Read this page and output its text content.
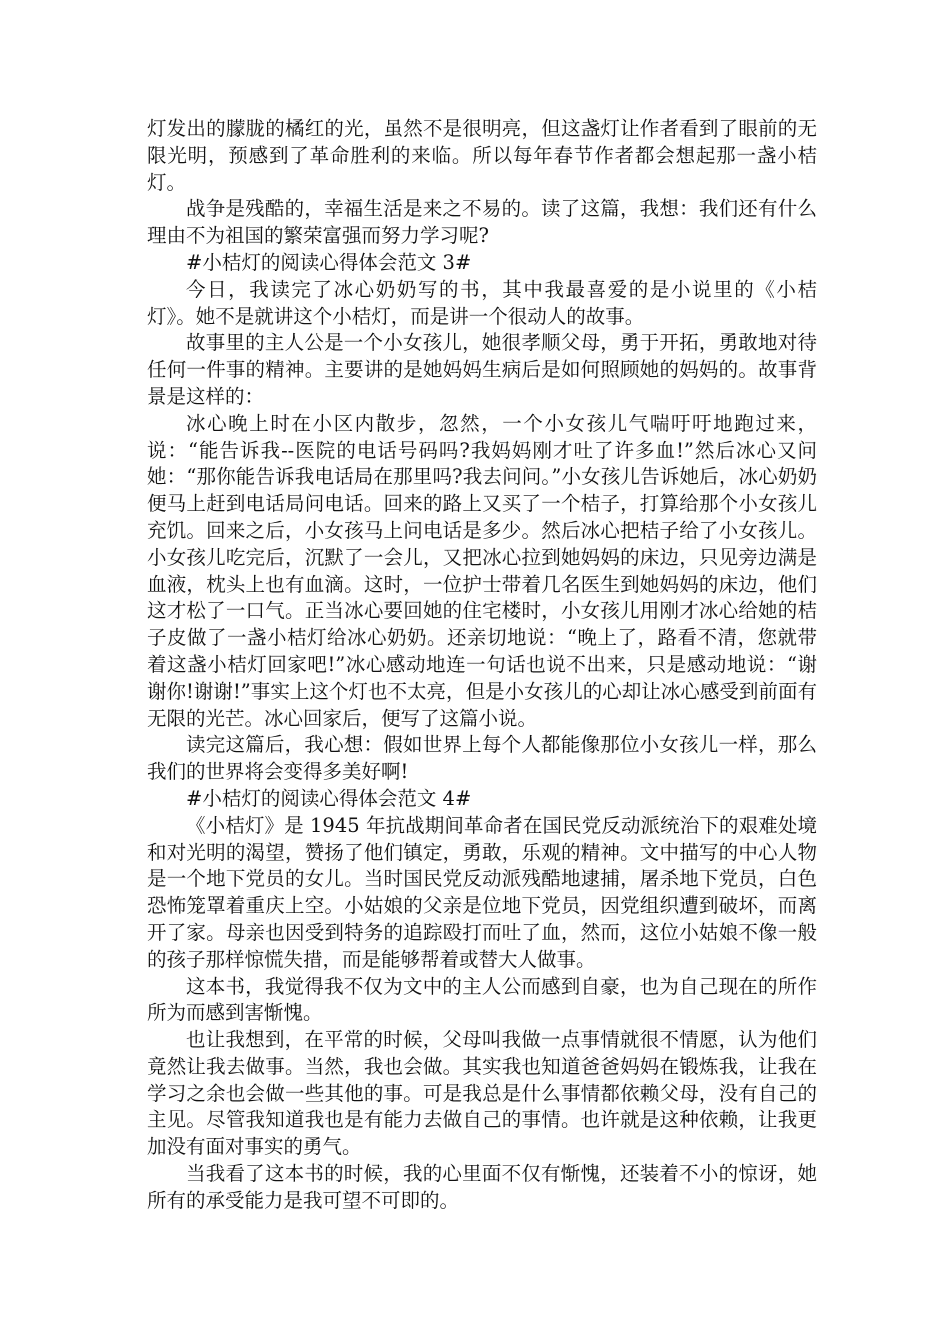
灯发出的朦胧的橘红的光，虽然不是很明亮，但这盏灯让作者看到了眼前的无限光明，预感到了革命胜利的来临。所以每年春节作者都会想起那一盏小桔灯。

战争是残酷的，幸福生活是来之不易的。读了这篇，我想：我们还有什么理由不为祖国的繁荣富强而努力学习呢?

#小桔灯的阅读心得体会范文 3#

今日，我读完了冰心奶奶写的书，其中我最喜爱的是小说里的《小桔灯》。她不是就讲这个小桔灯，而是讲一个很动人的故事。

故事里的主人公是一个小女孩儿，她很孝顺父母，勇于开拓，勇敢地对待任何一件事的精神。主要讲的是她妈妈生病后是如何照顾她的妈妈的。故事背景是这样的：

冰心晚上时在小区内散步，忽然，一个小女孩儿气喘吁吁地跑过来，说：“能告诉我--医院的电话号码吗?我妈妈刚才吐了许多血!”然后冰心又问她：“那你能告诉我电话局在那里吗?我去问问。”小女孩儿告诉她后，冰心奶奶便马上赶到电话局问电话。回来的路上又买了一个桔子，打算给那个小女孩儿充饥。回来之后，小女孩马上问电话是多少。然后冰心把桔子给了小女孩儿。小女孩儿吃完后，沉默了一会儿，又把冰心拉到她妈妈的床边，只见旁边满是血液，枕头上也有血滴。这时，一位护士带着几名医生到她妈妈的床边，他们这才松了一口气。正当冰心要回她的住宅楼时，小女孩儿用刚才冰心给她的桔子皮做了一盏小桔灯给冰心奶奶。还亲切地说：“晚上了，路看不清，您就带着这盏小桔灯回家吧!”冰心感动地连一句话也说不出来，只是感动地说：“谢谢你!谢谢!”事实上这个灯也不太亮，但是小女孩儿的心却让冰心感受到前面有无限的光芒。冰心回家后，便写了这篇小说。

读完这篇后，我心想：假如世界上每个人都能像那位小女孩儿一样，那么我们的世界将会变得多美好啊!

#小桔灯的阅读心得体会范文 4#

《小桔灯》是 1945 年抗战期间革命者在国民党反动派统治下的艰难处境和对光明的渴望，赞扬了他们镇定，勇敢，乐观的精神。文中描写的中心人物是一个地下党员的女儿。当时国民党反动派残酷地逮捕，屠杀地下党员，白色恐怖笼罩着重庆上空。小姑娘的父亲是位地下党员，因党组织遭到破坏，而离开了家。母亲也因受到特务的追踪殴打而吐了血，然而，这位小姑娘不像一般的孩子那样惊慌失措，而是能够帮着或替大人做事。

这本书，我觉得我不仅为文中的主人公而感到自豪，也为自己现在的所作所为而感到害惭愧。

也让我想到，在平常的时候，父母叫我做一点事情就很不情愿，认为他们竟然让我去做事。当然，我也会做。其实我也知道爸爸妈妈在锻炼我，让我在学习之余也会做一些其他的事。可是我总是什么事情都依赖父母，没有自己的主见。尽管我知道我也是有能力去做自己的事情。也许就是这种依赖，让我更加没有面对事实的勇气。

当我看了这本书的时候，我的心里面不仅有惭愧，还装着不小的惊讶，她所有的承受能力是我可望不可即的。
